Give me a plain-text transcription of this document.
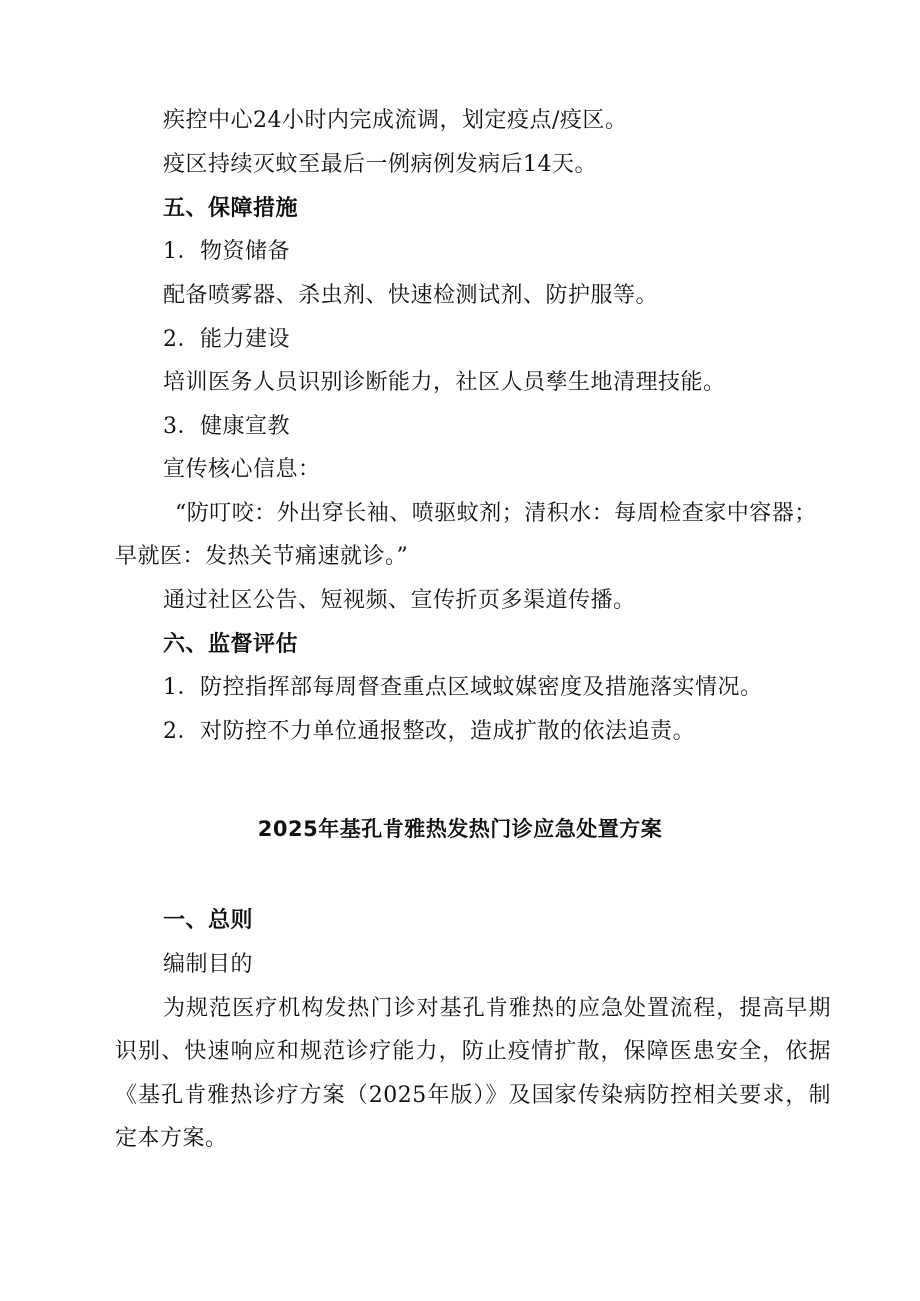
疾控中心24小时内完成流调，划定疫点/疫区。
疫区持续灭蚊至最后一例病例发病后14天。
五、保障措施
1．物资储备
配备喷雾器、杀虫剂、快速检测试剂、防护服等。
2．能力建设
培训医务人员识别诊断能力，社区人员孳生地清理技能。
3．健康宣教
宣传核心信息：
“防叮咬：外出穿长袖、喷驱蚊剂；清积水：每周检查家中容器；
早就医：发热关节痛速就诊。”
通过社区公告、短视频、宣传折页多渠道传播。
六、监督评估
1．防控指挥部每周督查重点区域蚊媒密度及措施落实情况。
2．对防控不力单位通报整改，造成扩散的依法追责。
2025年基孔肯雅热发热门诊应急处置方案
一、总则
编制目的
为规范医疗机构发热门诊对基孔肯雅热的应急处置流程，提高早期
识别、快速响应和规范诊疗能力，防止疫情扩散，保障医患安全，依据
《基孔肯雅热诊疗方案（2025年版）》及国家传染病防控相关要求，制
定本方案。
